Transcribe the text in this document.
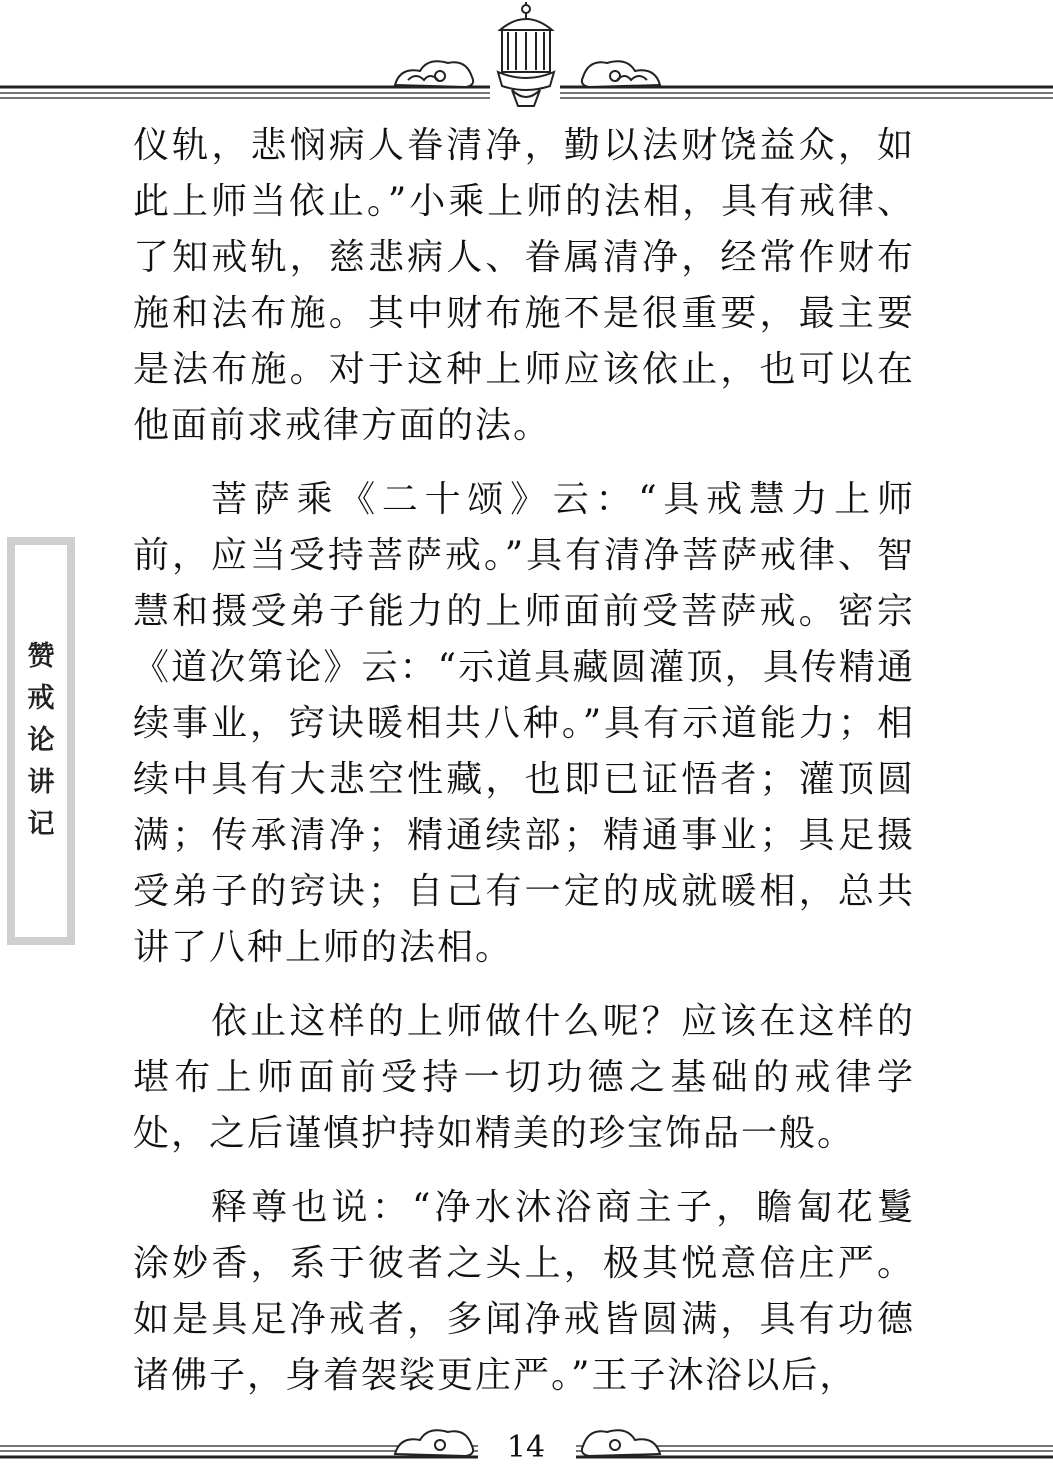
赞
戒
论
讲
记

仪轨，悲悯病人眷清净，勤以法财饶益众，如此上师当依止。”小乘上师的法相，具有戒律、了知戒轨，慈悲病人、眷属清净，经常作财布施和法布施。其中财布施不是很重要，最主要是法布施。对于这种上师应该依止，也可以在他面前求戒律方面的法。

菩萨乘《二十颂》云：“具戒慧力上师前，应当受持菩萨戒。”具有清净菩萨戒律、智慧和摄受弟子能力的上师面前受菩萨戒。密宗《道次第论》云：“示道具藏圆灌顶，具传精通续事业，窍诀暖相共八种。”具有示道能力；相续中具有大悲空性藏，也即已证悟者；灌顶圆满；传承清净；精通续部；精通事业；具足摄受弟子的窍诀；自己有一定的成就暖相，总共讲了八种上师的法相。

依止这样的上师做什么呢？应该在这样的堪布上师面前受持一切功德之基础的戒律学处，之后谨慎护持如精美的珍宝饰品一般。

释尊也说：“净水沐浴商主子，瞻匐花鬘涂妙香，系于彼者之头上，极其悦意倍庄严。如是具足净戒者，多闻净戒皆圆满，具有功德诸佛子，身着袈裟更庄严。”王子沐浴以后，

14
